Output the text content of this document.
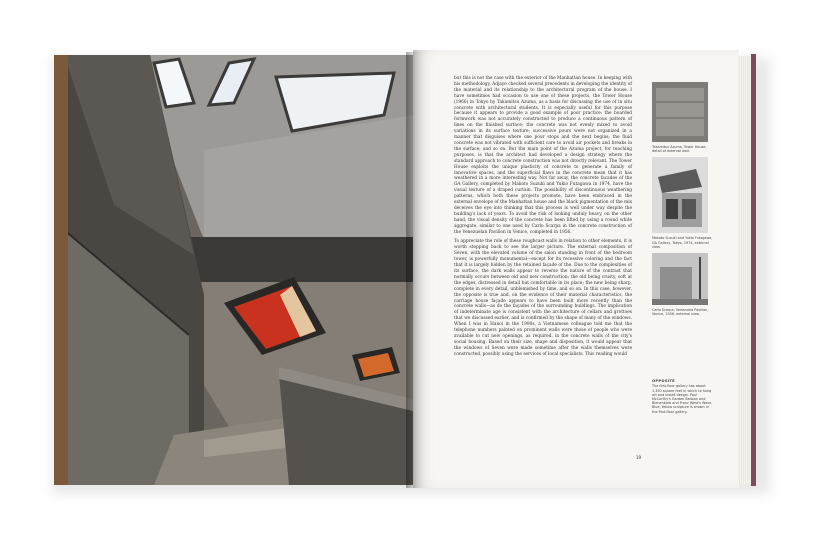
but this is not the case with the exterior of the Manhattan house. In keeping with his methodology, Adjaye checked several precedents in developing the identity of the material and its relationship to the architectural program of the house. I have sometimes had occasion to use one of these projects, the Tower House (1966) in Tokyo by Takamitsu Azuma, as a basis for discussing the use of in situ concrete with architectural students. It is especially useful for this purpose because it appears to provide a good example of poor practice: the boarded formwork was not accurately constructed to produce a continuous pattern of lines on the finished surface; the concrete was not evenly mixed to avoid variations in its surface texture; successive pours were not organized in a manner that disguises where one pour stops and the next begins; the fluid concrete was not vibrated with sufficient care to avoid air pockets and breaks in the surface; and so on. But the main point of the Azuma project, for teaching purposes, is that the architect had developed a design strategy where the standard approach to concrete construction was not directly relevant. The Tower House exploits the unique plasticity of concrete to generate a family of innovative spaces, and the superficial flaws in the concrete mean that it has weathered in a more interesting way. Not far away, the concrete facades of the GA Gallery, completed by Makoto Suzuki and Yukio Futagawa in 1974, have the visual texture of a draped curtain. The possibility of discontinuous weathering patterns, which both these projects promote, have been embraced in the external envelope of the Manhattan house and the black pigmentation of the mix deceives the eye into thinking that this process is well under way despite the building's lack of years. To avoid the risk of looking unduly heavy, on the other hand, the visual density of the concrete has been lifted by using a round white aggregate, similar to one used by Carlo Scarpa in the concrete construction of the Venezuelan Pavilion in Venice, completed in 1956.

To appreciate the role of these roughcast walls in relation to other elements, it is worth stepping back to see the larger picture. The external composition of Seven, with the elevated volume of the salon standing in front of the bedroom tower, is powerfully monumental—except for its recessive coloring and the fact that it is largely hidden by the retained façade of the. Due to the complexities of its surface, the dark walls appear to reverse the nature of the contrast that normally occurs between old and new construction: the old being crusty, soft at the edges, distressed in detail but comfortable in its place; the new being sharp, complete in every detail, unblemished by time, and so on. In this case, however, the opposite is true and, on the evidence of their material characteristics, the carriage house façade appears to have been built more recently than the concrete walls—as do the façades of the surrounding buildings. The implication of indeterminate age is consistent with the architecture of cellars and grottoes that we discussed earlier, and is confirmed by the shape of many of the windows. When I was in Hanoi in the 1990s, a Vietnamese colleague told me that the telephone numbers painted on prominent walls were those of people who were available to cut new openings, as required, in the concrete walls of the city's social housing. Based on their size, shape and disposition, it would appear that the windows of Seven were made sometime after the walls themselves were constructed, possibly using the services of local specialists. This reading would

Takamitsu Azuma, Tower House, detail of external wall.

Makoto Suzuki and Yukio Futagawa, GA Gallery, Tokyo, 1974, external view.

Carlo Scarpa, Venezuela Pavilion, Venice, 1956, external view.

OPPOSITE

The first-floor gallery has about 1,350 square feet in which to hang art and install design. Paul McCarthy's Garden Balloon and Bienenkorb and Franz West's Wave, Blue, Yellow sculpture is shown in the first-floor gallery.

19
